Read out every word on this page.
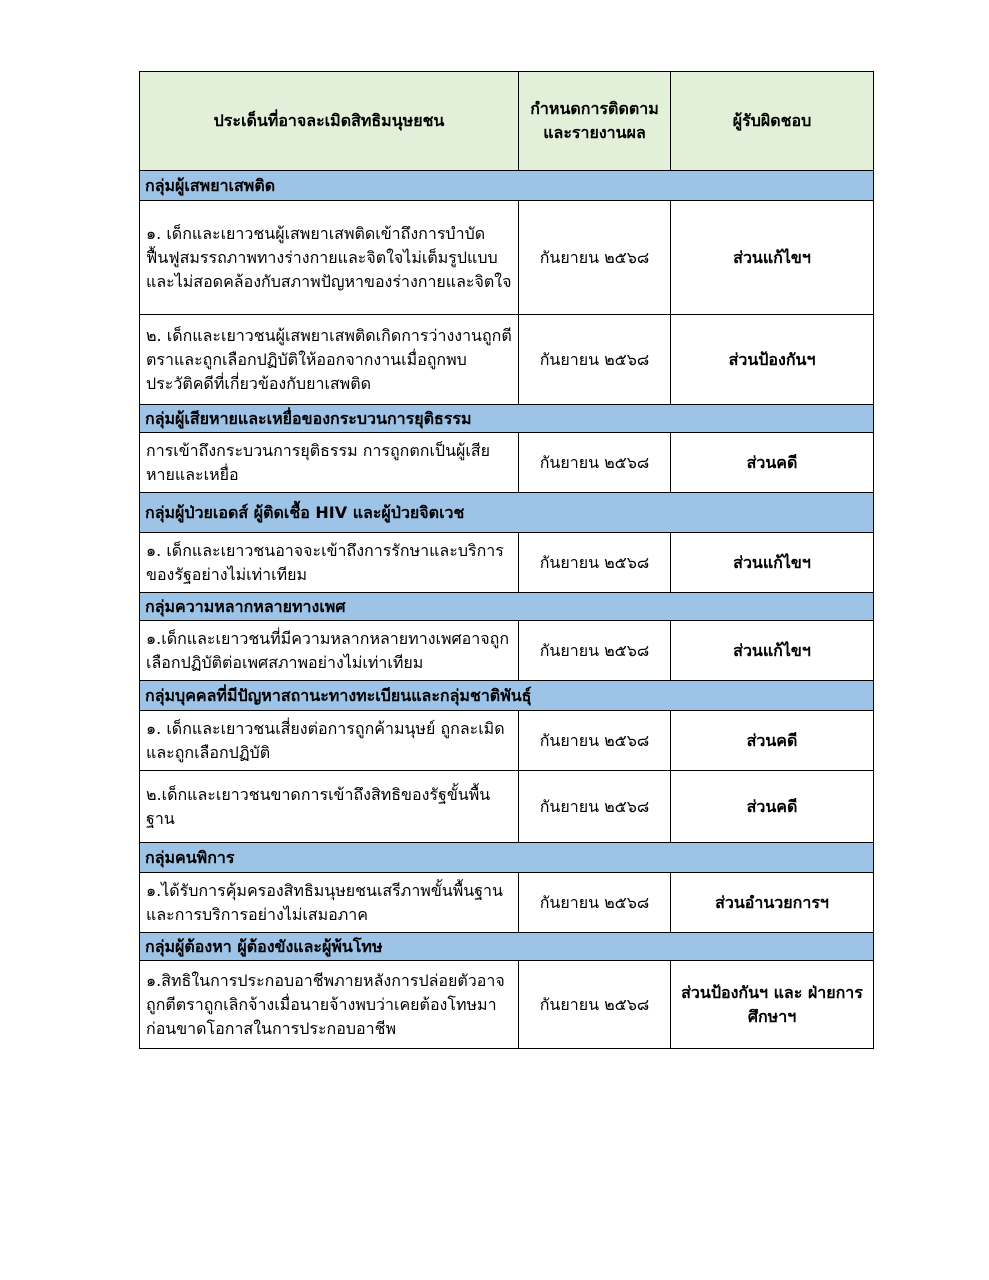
ประเด็นที่อาจละเมิดสิทธิมนุษยชน	กำหนดการติดตามและรายงานผล	ผู้รับผิดชอบ
กลุ่มผู้เสพยาเสพติด		
๑. เด็กและเยาวชนผู้เสพยาเสพติดเข้าถึงการบำบัดฟื้นฟูสมรรถภาพทางร่างกายและจิตใจไม่เต็มรูปแบบและไม่สอดคล้องกับสภาพปัญหาของร่างกายและจิตใจ	กันยายน ๒๕๖๘	ส่วนแก้ไขฯ
๒. เด็กและเยาวชนผู้เสพยาเสพติดเกิดการว่างงานถูกตีตราและถูกเลือกปฏิบัติให้ออกจากงานเมื่อถูกพบประวัติคดีที่เกี่ยวข้องกับยาเสพติด	กันยายน ๒๕๖๘	ส่วนป้องกันฯ
กลุ่มผู้เสียหายและเหยื่อของกระบวนการยุติธรรม		
การเข้าถึงกระบวนการยุติธรรม การถูกตกเป็นผู้เสียหายและเหยื่อ	กันยายน ๒๕๖๘	ส่วนคดี
กลุ่มผู้ป่วยเอดส์ ผู้ติดเชื้อ HIV และผู้ป่วยจิตเวช		
๑. เด็กและเยาวชนอาจจะเข้าถึงการรักษาและบริการของรัฐอย่างไม่เท่าเทียม	กันยายน ๒๕๖๘	ส่วนแก้ไขฯ
กลุ่มความหลากหลายทางเพศ		
๑.เด็กและเยาวชนที่มีความหลากหลายทางเพศอาจถูกเลือกปฏิบัติต่อเพศสภาพอย่างไม่เท่าเทียม	กันยายน ๒๕๖๘	ส่วนแก้ไขฯ
กลุ่มบุคคลที่มีปัญหาสถานะทางทะเบียนและกลุ่มชาติพันธุ์		
๑. เด็กและเยาวชนเสี่ยงต่อการถูกค้ามนุษย์ ถูกละเมิดและถูกเลือกปฏิบัติ	กันยายน ๒๕๖๘	ส่วนคดี
๒.เด็กและเยาวชนขาดการเข้าถึงสิทธิของรัฐขั้นพื้นฐาน	กันยายน ๒๕๖๘	ส่วนคดี
กลุ่มคนพิการ		
๑.ได้รับการคุ้มครองสิทธิมนุษยชนเสรีภาพขั้นพื้นฐานและการบริการอย่างไม่เสมอภาค	กันยายน ๒๕๖๘	ส่วนอำนวยการฯ
กลุ่มผู้ต้องหา ผู้ต้องขังและผู้พ้นโทษ		
๑.สิทธิในการประกอบอาชีพภายหลังการปล่อยตัวอาจถูกตีตราถูกเลิกจ้างเมื่อนายจ้างพบว่าเคยต้องโทษมาก่อนขาดโอกาสในการประกอบอาชีพ	กันยายน ๒๕๖๘	ส่วนป้องกันฯ และ ฝ่ายการศึกษาฯ
